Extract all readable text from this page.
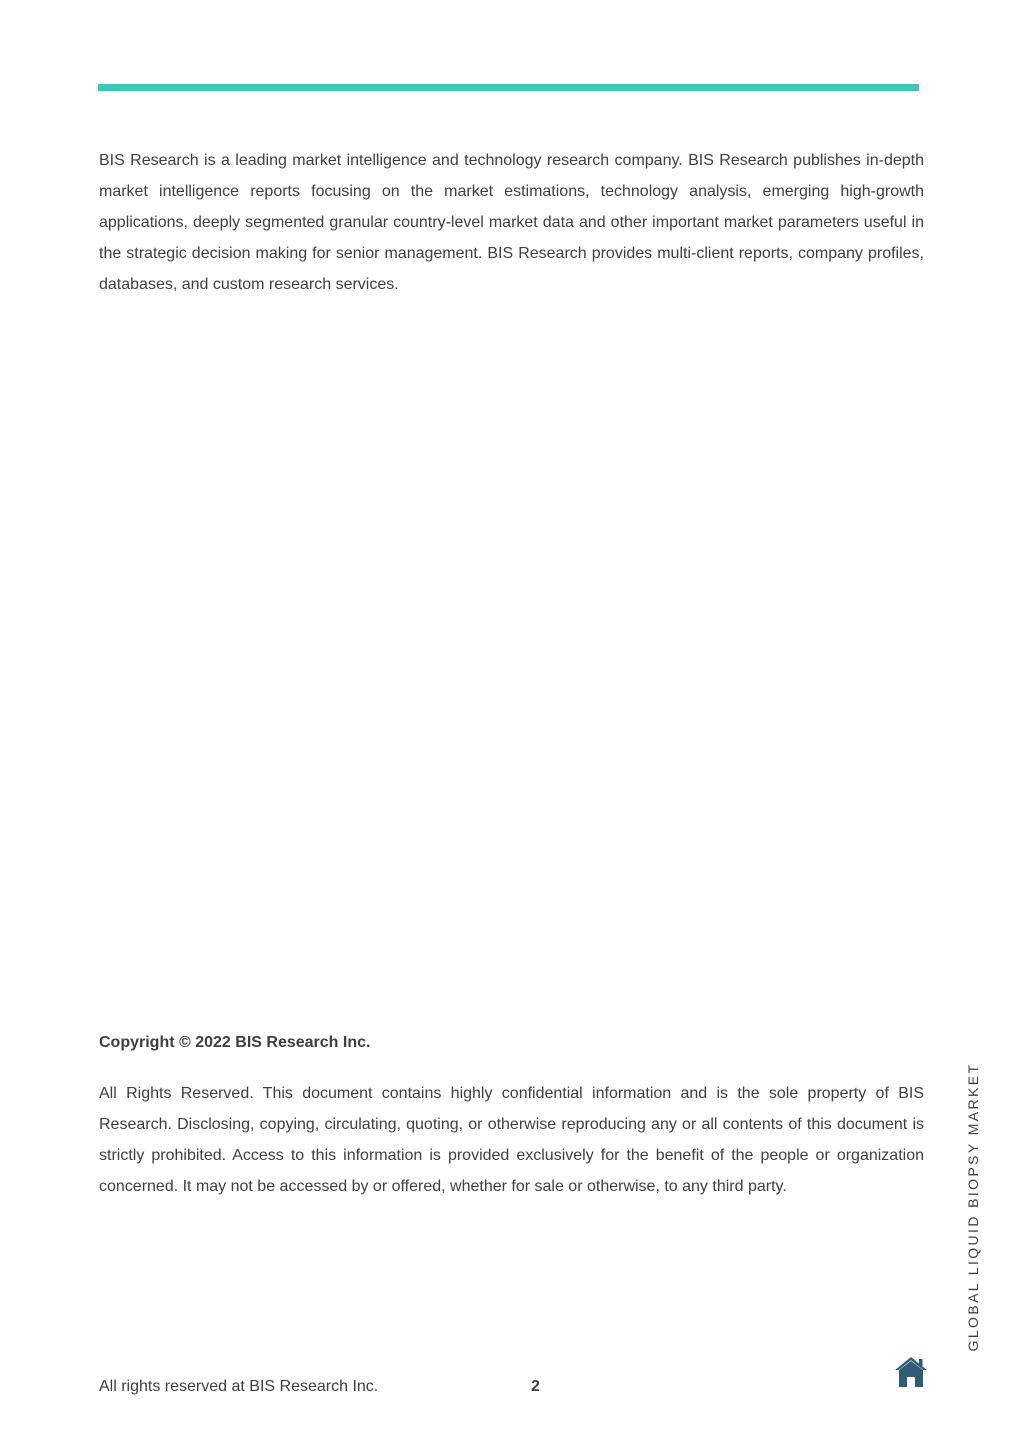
BIS Research is a leading market intelligence and technology research company. BIS Research publishes in-depth market intelligence reports focusing on the market estimations, technology analysis, emerging high-growth applications, deeply segmented granular country-level market data and other important market parameters useful in the strategic decision making for senior management. BIS Research provides multi-client reports, company profiles, databases, and custom research services.

Copyright © 2022 BIS Research Inc.

All Rights Reserved. This document contains highly confidential information and is the sole property of BIS Research. Disclosing, copying, circulating, quoting, or otherwise reproducing any or all contents of this document is strictly prohibited. Access to this information is provided exclusively for the benefit of the people or organization concerned. It may not be accessed by or offered, whether for sale or otherwise, to any third party.	GLOBAL LIQUID BIOPSY MARKET

All rights reserved at BIS Research Inc.	2
